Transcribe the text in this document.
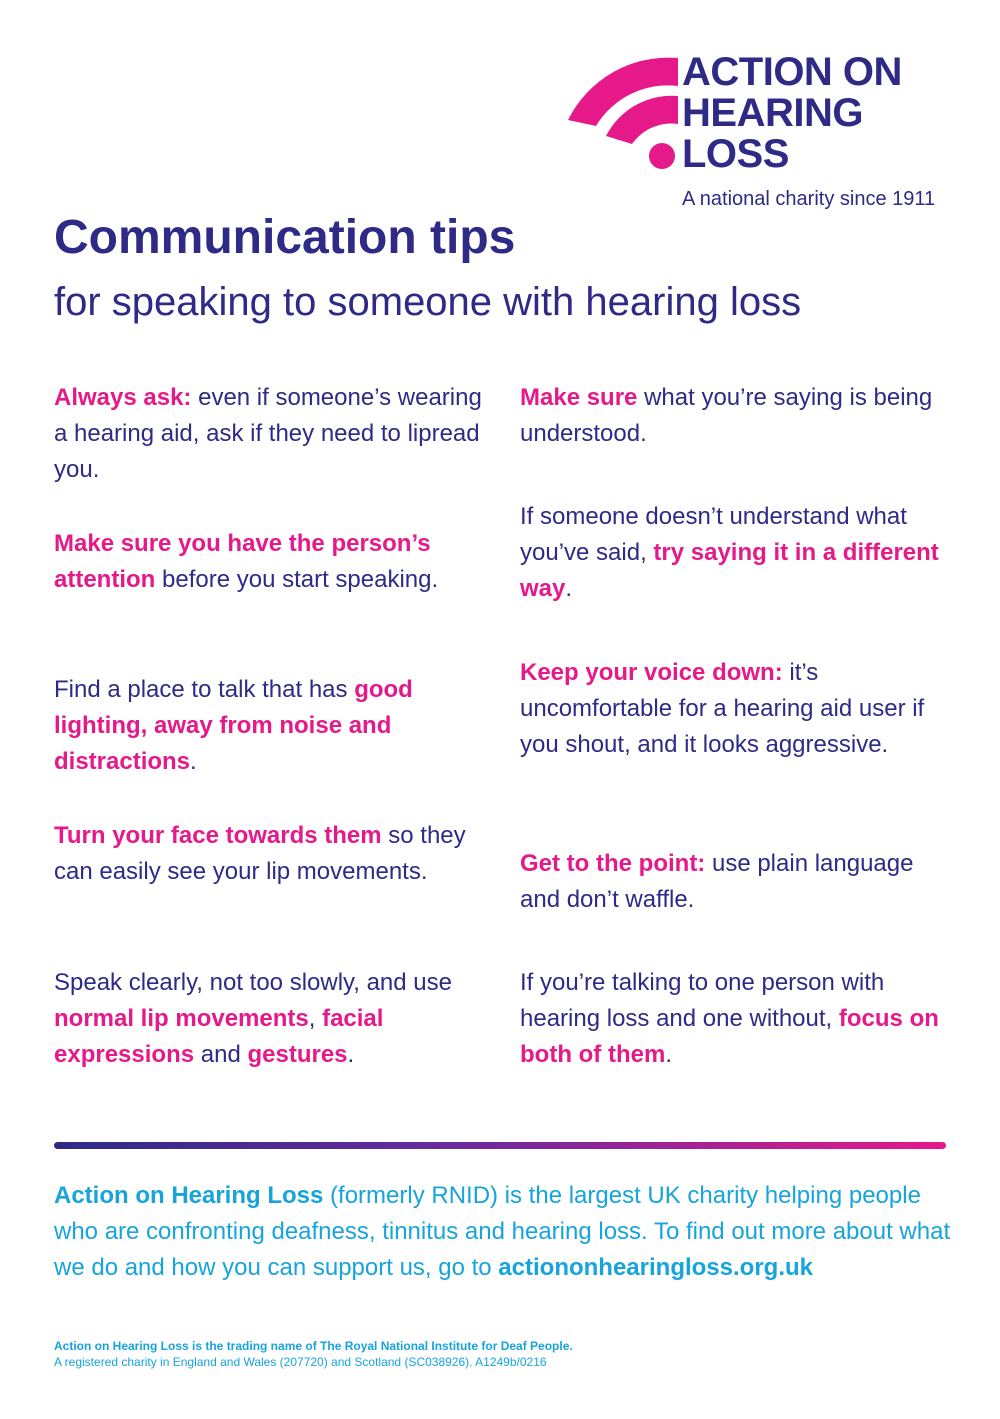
ACTION ON
HEARING
LOSS
A national charity since 1911
Communication tips
for speaking to someone with hearing loss

Always ask: even if someone’s wearing a hearing aid, ask if they need to lipread you.

Make sure you have the person’s attention before you start speaking.

Find a place to talk that has good lighting, away from noise and distractions.

Turn your face towards them so they can easily see your lip movements.

Speak clearly, not too slowly, and use normal lip movements, facial expressions and gestures.

Make sure what you’re saying is being understood.

If someone doesn’t understand what you’ve said, try saying it in a different way.

Keep your voice down: it’s uncomfortable for a hearing aid user if you shout, and it looks aggressive.

Get to the point: use plain language and don’t waffle.

If you’re talking to one person with hearing loss and one without, focus on both of them.

Action on Hearing Loss (formerly RNID) is the largest UK charity helping people who are confronting deafness, tinnitus and hearing loss. To find out more about what we do and how you can support us, go to actiononhearingloss.org.uk

Action on Hearing Loss is the trading name of The Royal National Institute for Deaf People.
A registered charity in England and Wales (207720) and Scotland (SC038926). A1249b/0216
